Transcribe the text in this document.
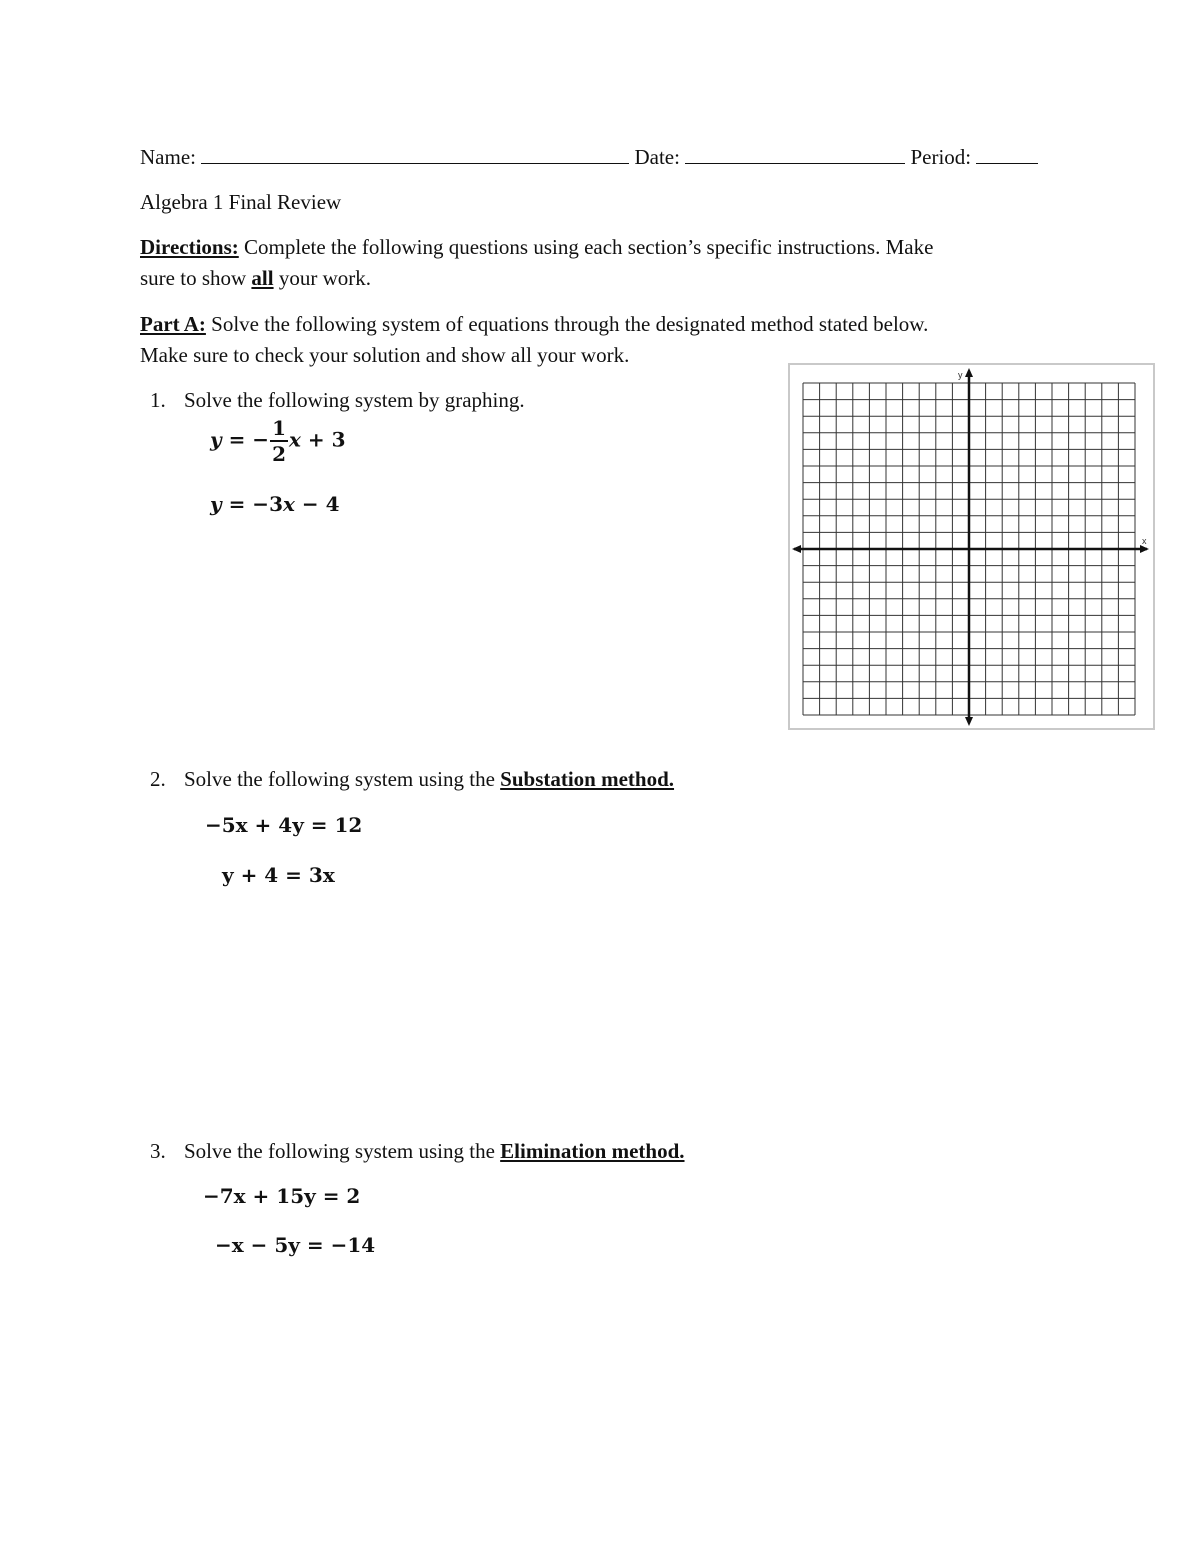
Name:	Date:	Period:
Algebra 1 Final Review
Directions: Complete the following questions using each section’s specific instructions. Make
sure to show all your work.
Part A: Solve the following system of equations through the designated method stated below.
Make sure to check your solution and show all your work.
1. Solve the following system by graphing.
y = − $\frac{1}{2}$ x + 3
y = −3x − 4
x
y
2. Solve the following system using the Substation method.
−5x + 4y = 12
y + 4 = 3x
3. Solve the following system using the Elimination method.
−7x + 15y = 2
−x − 5y = −14
